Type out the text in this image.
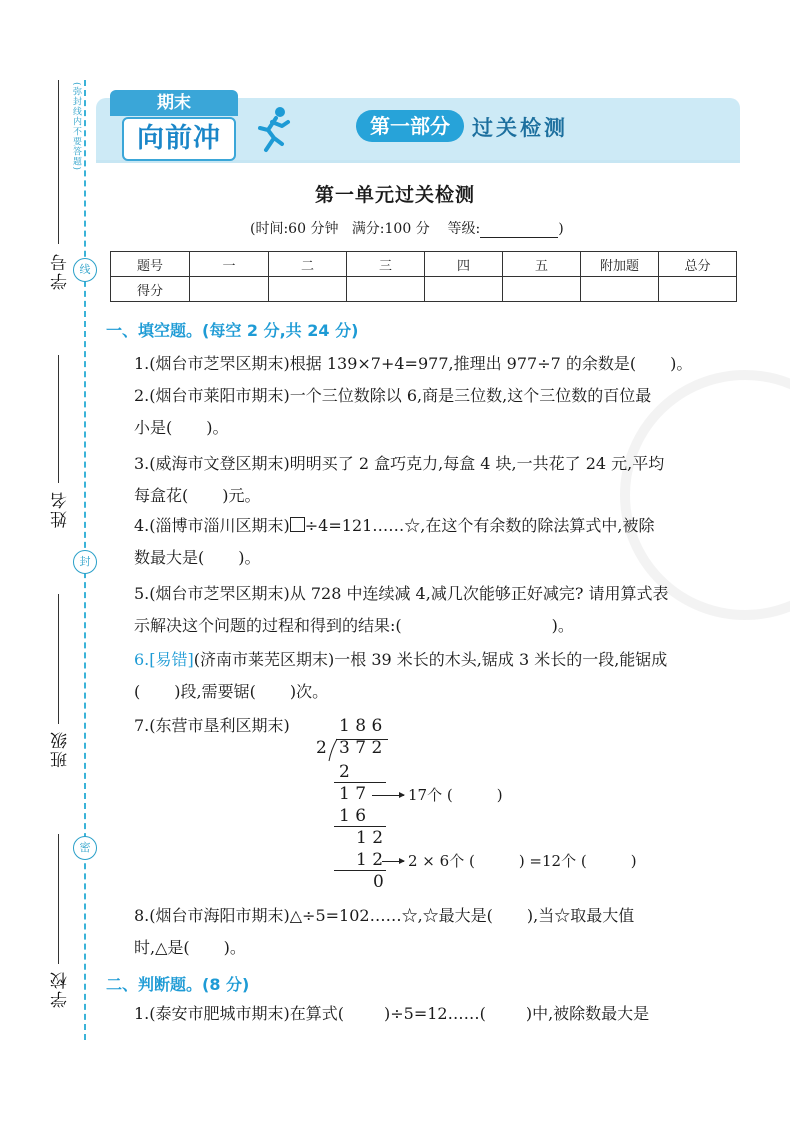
(弥封线内不要答题)
学号 线
姓名
封
班级
密
学校
期末
向前冲	第一部分	过关检测
第一单元过关检测
(时间:60 分钟 满分:100 分 等级:	)
题号	一	二	三	四	五	附加题	总分
得分							
一、填空题。(每空 2 分,共 24 分)
1.(烟台市芝罘区期末)根据 139×7+4=977,推理出 977÷7 的余数是( )。
2.(烟台市莱阳市期末)一个三位数除以 6,商是三位数,这个三位数的百位最
小是( )。
3.(威海市文登区期末)明明买了 2 盒巧克力,每盒 4 块,一共花了 24 元,平均
每盒花( )元。
4.(淄博市淄川区期末) ÷4=121……☆,在这个有余数的除法算式中,被除
数最大是( )。
5.(烟台市芝罘区期末)从 728 中连续减 4,减几次能够正好减完? 请用算式表
示解决这个问题的过程和得到的结果:(	)。
6.[易错](济南市莱芜区期末)一根 39 米长的木头,锯成 3 米长的一段,能锯成
( )段,需要锯( )次。
7.(东营市垦利区期末)	1 8 6
2 3 7 2
2
1 7	17个 (	)
1 6
1 2
1 2 2 × 6个 (	) =12个 (	)
0
8.(烟台市海阳市期末)△÷5=102……☆,☆最大是( ),当☆取最大值
时,△是( )。
二、判断题。(8 分)
1.(泰安市肥城市期末)在算式(	)÷5=12……(	)中,被除数最大是
